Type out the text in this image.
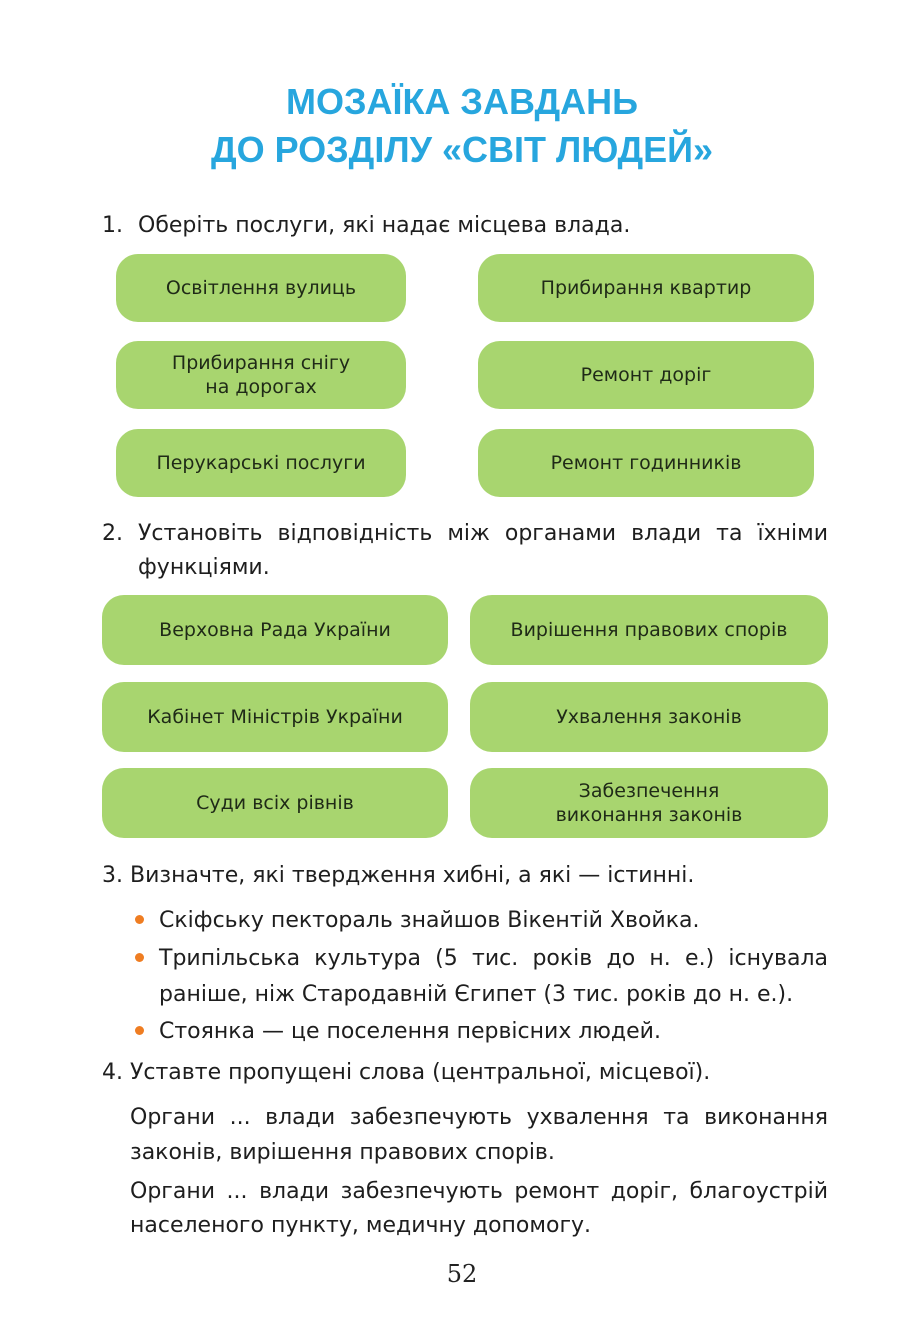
МОЗАЇКА ЗАВДАНЬ
ДО РОЗДІЛУ «СВІТ ЛЮДЕЙ»
1. Оберіть послуги, які надає місцева влада.
Освітлення вулиць	Прибирання квартир
Прибирання снігу
на дорогах
Ремонт доріг
Перукарські послуги	Ремонт годинників
2. Установіть відповідність між органами влади та їхніми
функціями.
Верховна Рада України	Вирішення правових спорів
Кабінет Міністрів України	Ухвалення законів
Суди всіх рівнів
Забезпечення
виконання законів
3. Визначте, які твердження хибні, а які — істинні.
Скіфську пектораль знайшов Вікентій Хвойка.
Трипільська культура (5 тис. років до н. е.) існувала
раніше, ніж Стародавній Єгипет (3 тис. років до н. е.).
Стоянка — це поселення первісних людей.
4. Уставте пропущені слова (центральної, місцевої).
Органи ... влади забезпечують ухвалення та виконання
законів, вирішення правових спорів.
Органи ... влади забезпечують ремонт доріг, благоустрій
населеного пункту, медичну допомогу.
52
